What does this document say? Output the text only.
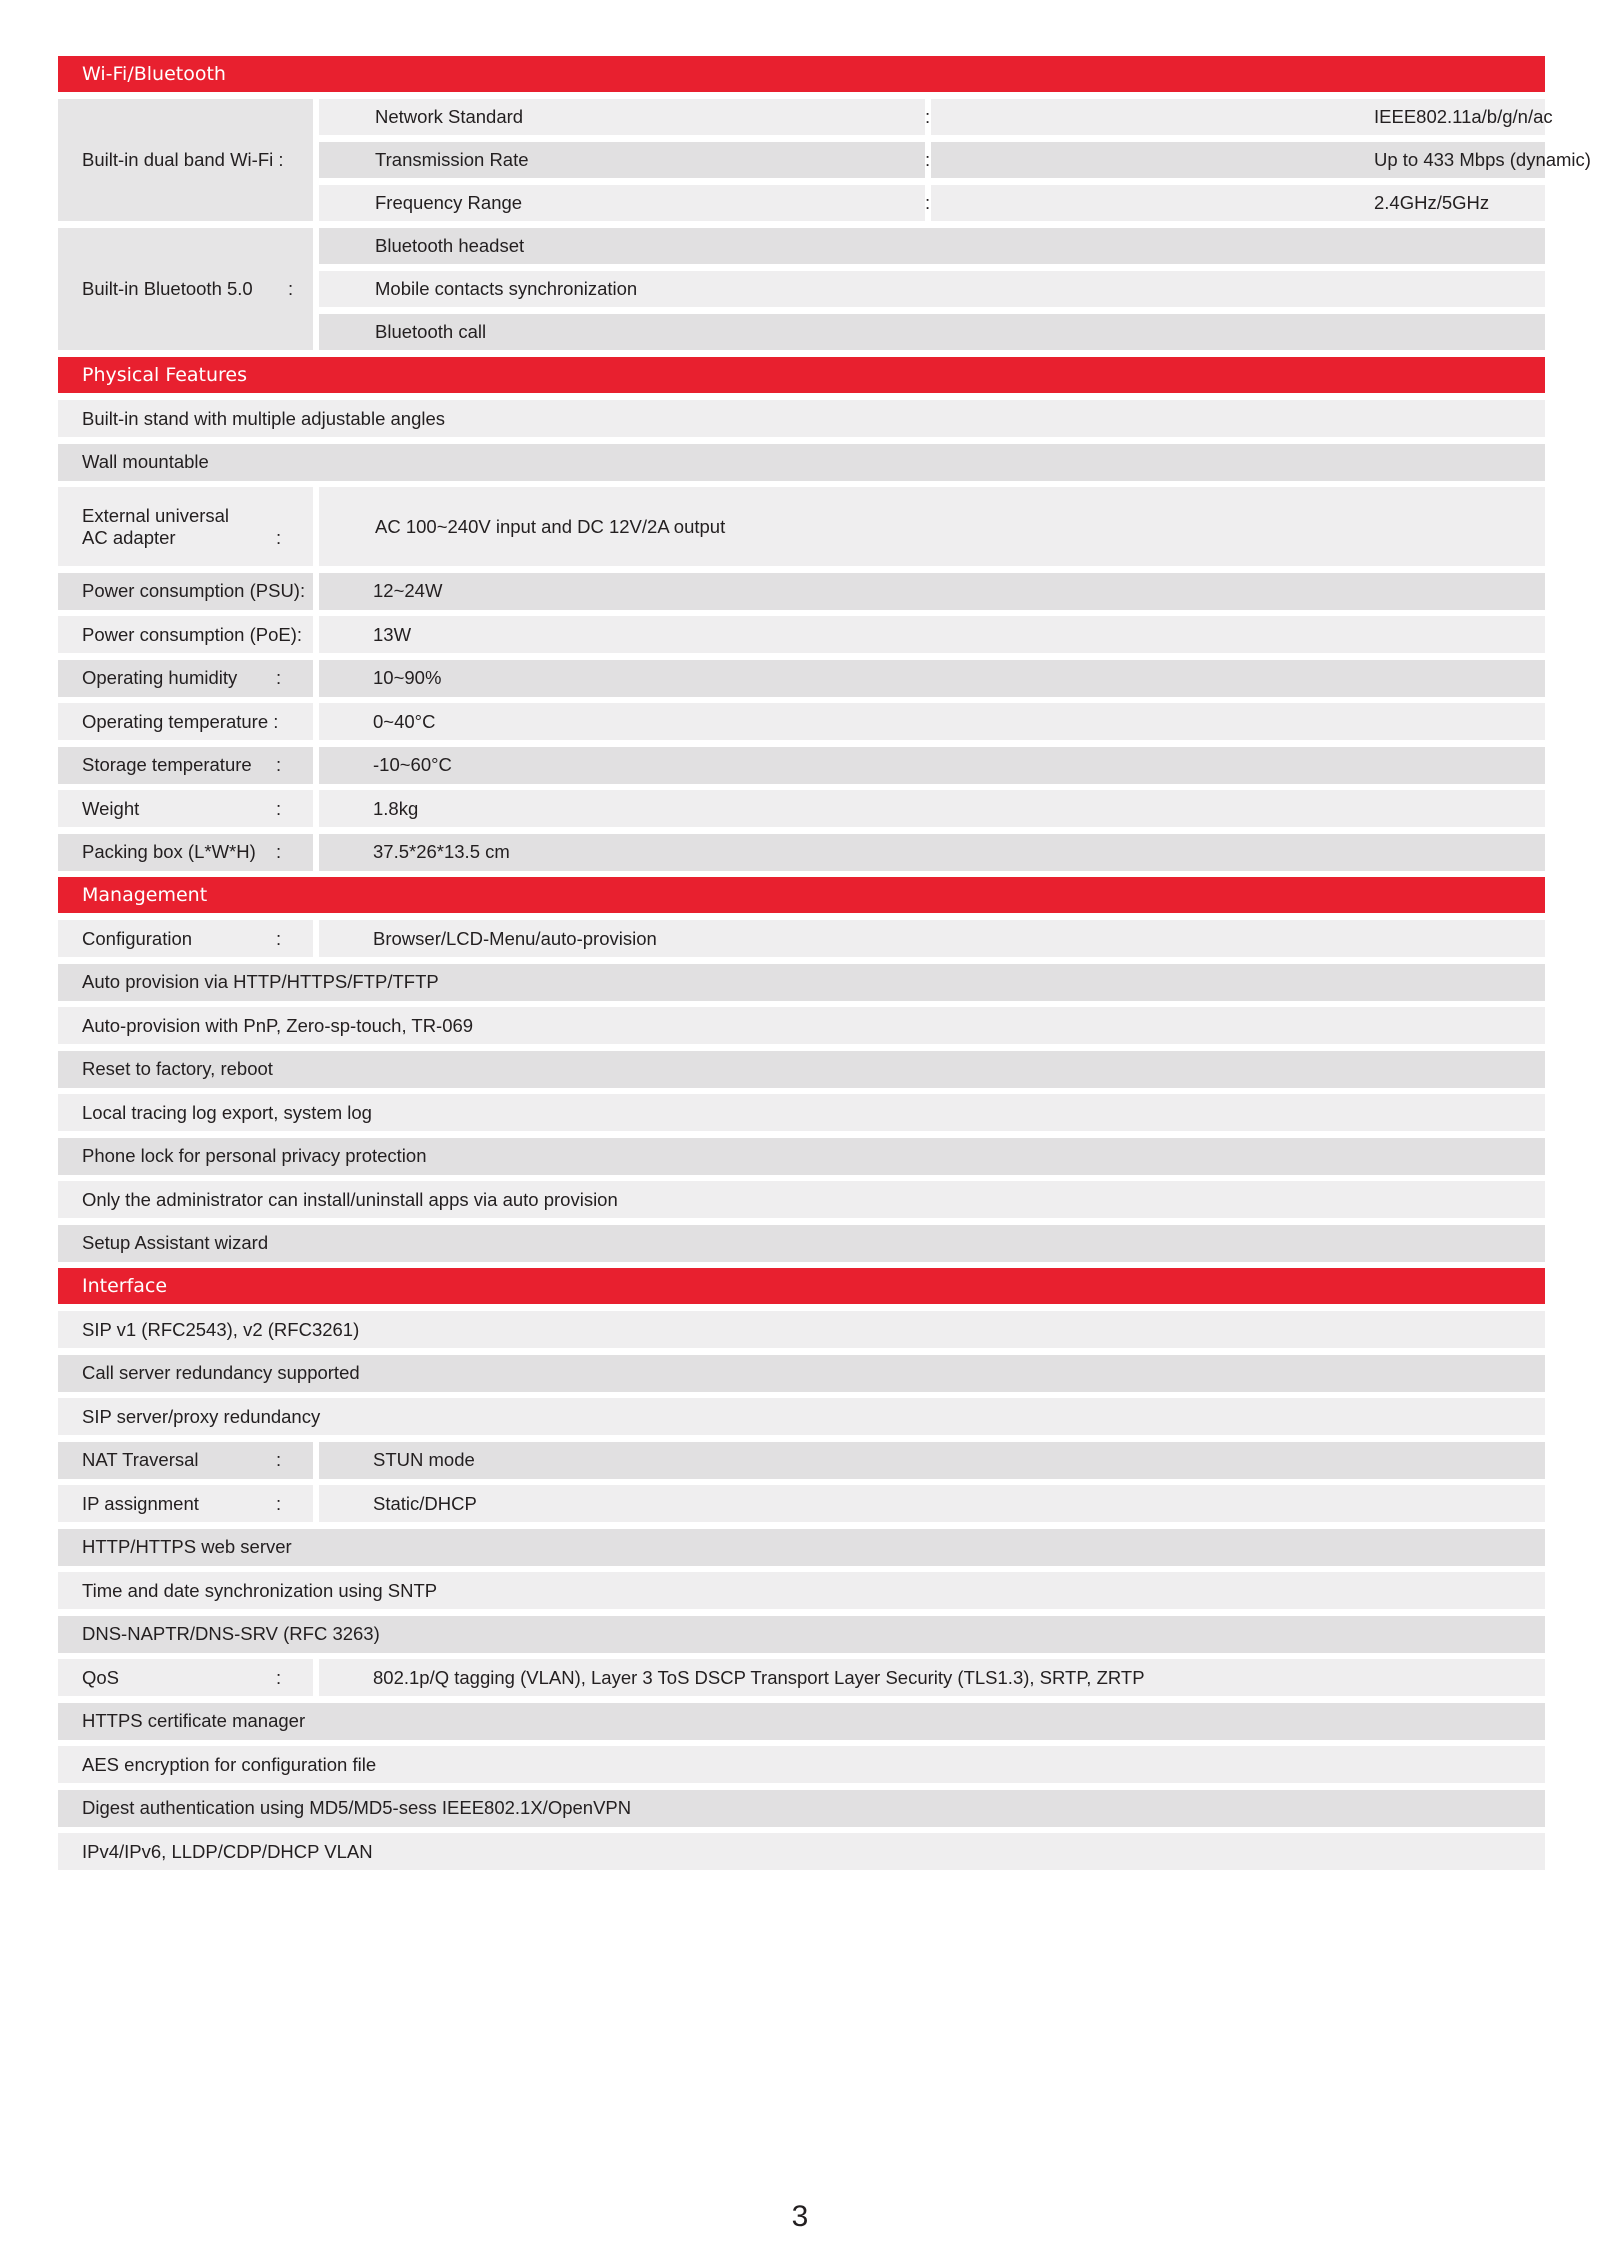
Wi-Fi/Bluetooth
Built-in dual band Wi-Fi :
Network Standard	:	IEEE802.11a/b/g/n/ac
Transmission Rate	:	Up to 433 Mbps (dynamic)
Frequency Range	:	2.4GHz/5GHz
Built-in Bluetooth 5.0 :
Bluetooth headset
Mobile contacts synchronization
Bluetooth call
Physical Features
Built-in stand with multiple adjustable angles
Wall mountable
External universal
AC adapter	:
AC 100~240V input and DC 12V/2A output
Power consumption (PSU):	12~24W
Power consumption (PoE):	13W
Operating humidity :	10~90%
Operating temperature :	0~40°C
Storage temperature :	-10~60°C
Weight	:	1.8kg
Packing box (L*W*H) :	37.5*26*13.5 cm
Management
Configuration	:	Browser/LCD-Menu/auto-provision
Auto provision via HTTP/HTTPS/FTP/TFTP
Auto-provision with PnP, Zero-sp-touch, TR-069
Reset to factory, reboot
Local tracing log export, system log
Phone lock for personal privacy protection
Only the administrator can install/uninstall apps via auto provision
Setup Assistant wizard
Interface
SIP v1 (RFC2543), v2 (RFC3261)
Call server redundancy supported
SIP server/proxy redundancy
NAT Traversal	:	STUN mode
IP assignment	:	Static/DHCP
HTTP/HTTPS web server
Time and date synchronization using SNTP
DNS-NAPTR/DNS-SRV (RFC 3263)
QoS	:	802.1p/Q tagging (VLAN), Layer 3 ToS DSCP Transport Layer Security (TLS1.3), SRTP, ZRTP
HTTPS certificate manager
AES encryption for configuration file
Digest authentication using MD5/MD5-sess IEEE802.1X/OpenVPN
IPv4/IPv6, LLDP/CDP/DHCP VLAN
3
